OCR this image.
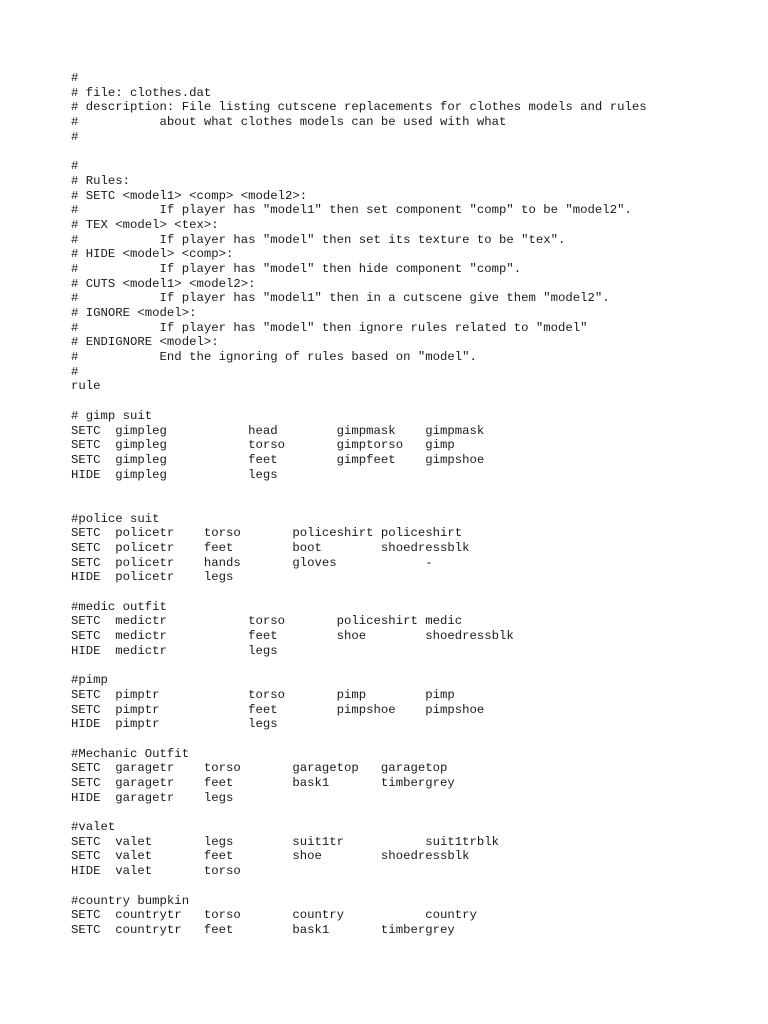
#
# file: clothes.dat
# description: File listing cutscene replacements for clothes models and rules
#           about what clothes models can be used with what
#
#
# Rules:
# SETC <model1> <comp> <model2>:
#           If player has "model1" then set component "comp" to be "model2".
# TEX <model> <tex>:
#           If player has "model" then set its texture to be "tex".
# HIDE <model> <comp>:
#           If player has "model" then hide component "comp".
# CUTS <model1> <model2>:
#           If player has "model1" then in a cutscene give them "model2".
# IGNORE <model>:
#           If player has "model" then ignore rules related to "model"
# ENDIGNORE <model>:
#           End the ignoring of rules based on "model".
#
rule
# gimp suit
SETC  gimpleg           head        gimpmask    gimpmask
SETC  gimpleg           torso       gimptorso   gimp
SETC  gimpleg           feet        gimpfeet    gimpshoe
HIDE  gimpleg           legs
#police suit
SETC  policetr    torso       policeshirt policeshirt
SETC  policetr    feet        boot        shoedressblk
SETC  policetr    hands       gloves            -
HIDE  policetr    legs
#medic outfit
SETC  medictr           torso       policeshirt medic
SETC  medictr           feet        shoe        shoedressblk
HIDE  medictr           legs
#pimp
SETC  pimptr            torso       pimp        pimp
SETC  pimptr            feet        pimpshoe    pimpshoe
HIDE  pimptr            legs
#Mechanic Outfit
SETC  garagetr    torso       garagetop   garagetop
SETC  garagetr    feet        bask1       timbergrey
HIDE  garagetr    legs
#valet
SETC  valet       legs        suit1tr           suit1trblk
SETC  valet       feet        shoe        shoedressblk
HIDE  valet       torso
#country bumpkin
SETC  countrytr   torso       country           country
SETC  countrytr   feet        bask1       timbergrey
